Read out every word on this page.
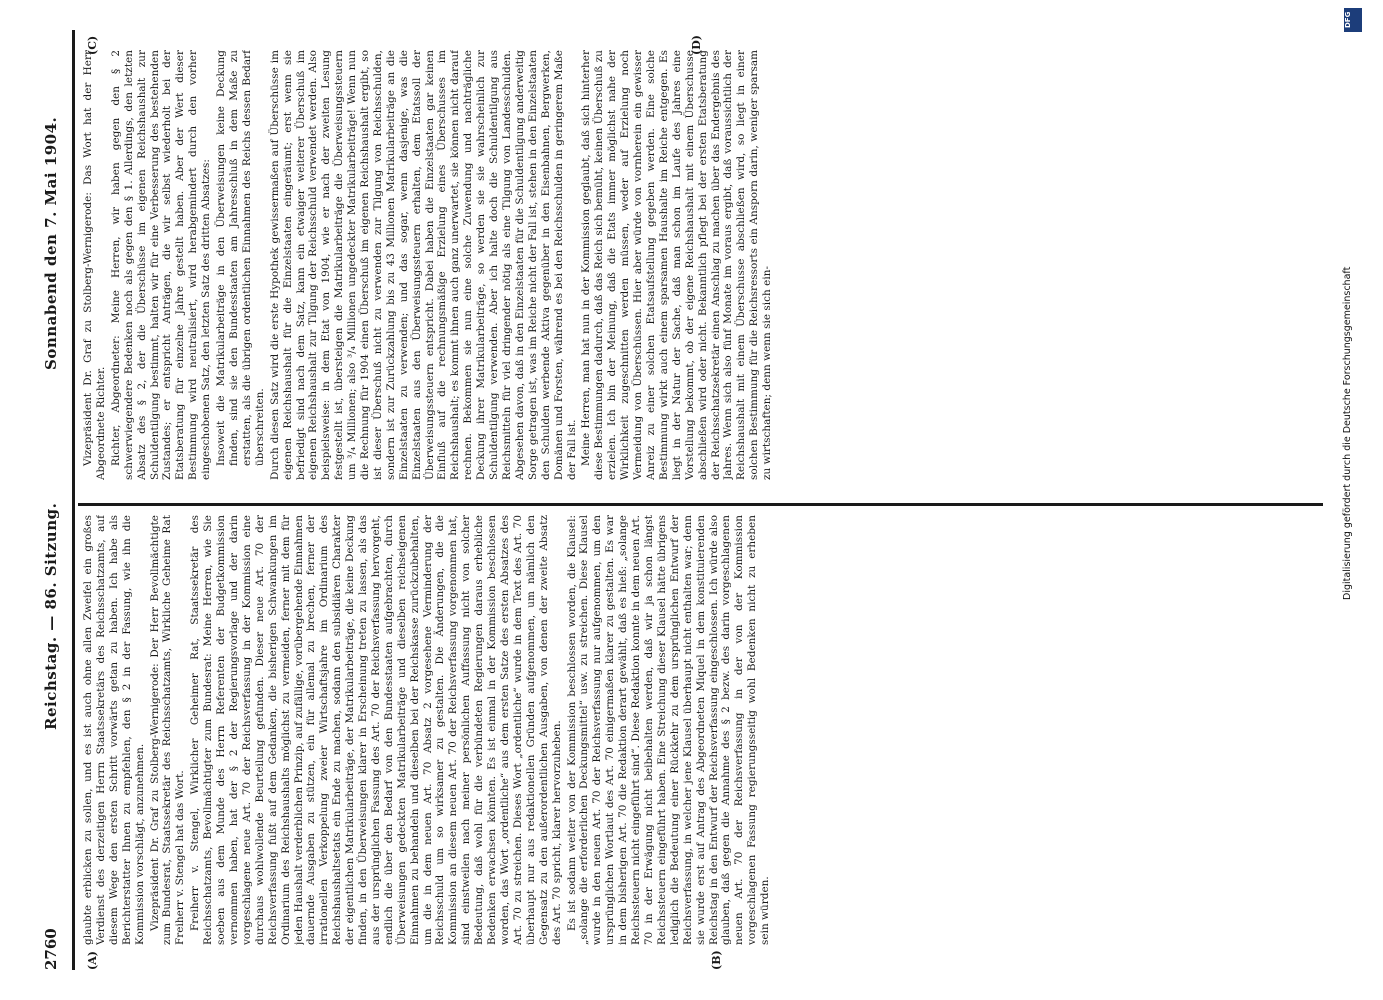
2760
Reichstag. — 86. Sitzung.
Sonnabend den 7. Mai 1904.
(A)	(B)
(C)	(D)

glaubte erblicken zu sollen, und es ist auch ohne allen Zweifel ein großes Verdienst des derzeitigen Herrn Staatssekretärs des Reichsschatzamts, auf diesem Wege den ersten Schritt vorwärts getan zu haben. Ich habe als Berichterstatter Ihnen zu empfehlen, den § 2 in der Fassung, wie ihn die Kommission vorschlägt, anzunehmen. Vizepräsident Dr. Graf zu Stolberg-Wernigerode: Der Herr Bevollmächtigte zum Bundesrat, Staatssekretär des Reichsschatzamts, Wirkliche Geheime Rat Freiherr v. Stengel hat das Wort. Freiherr v. Stengel, Wirklicher Geheimer Rat, Staatssekretär des Reichsschatzamts, Bevollmächtigter zum Bundesrat: Meine Herren, wie Sie soeben aus dem Munde des Herrn Referenten der Budgetkommission vernommen haben, hat der § 2 der Regierungsvorlage und der darin vorgeschlagene neue Art. 70 der Reichsverfassung in der Kommission eine durchaus wohlwollende Beurteilung gefunden. Dieser neue Art. 70 der Reichsverfassung fußt auf dem Gedanken, die bisherigen Schwankungen im Ordinarium des Reichshaushalts möglichst zu vermeiden, ferner mit dem für jeden Haushalt verderblichen Prinzip, auf zufällige, vorübergehende Einnahmen dauernde Ausgaben zu stützen, ein für allemal zu brechen, ferner der irrationellen Verkoppelung zweier Wirtschaftsjahre im Ordinarium des Reichshaushaltsetats ein Ende zu machen, sodann den subsidiären Charakter der eigentlichen Matrikularbeiträge, der Matrikularbeiträge, die keine Deckung finden, in den Überweisungen klarer in Erscheinung treten zu lassen, als das aus der ursprünglichen Fassung des Art. 70 der Reichsverfassung hervorgeht, endlich die über den Bedarf von den Bundesstaaten aufgebrachten, durch Überweisungen gedeckten Matrikularbeiträge und dieselben reichseigenen Einnahmen zu behandeln und dieselben bei der Reichskasse zurückzubehalten, um die in dem neuen Art. 70 Absatz 2 vorgesehene Verminderung der Reichsschuld um so wirksamer zu gestalten. Die Änderungen, die die Kommission an diesem neuen Art. 70 der Reichsverfassung vorgenommen hat, sind einstweilen nach meiner persönlichen Auffassung nicht von solcher Bedeutung, daß wohl für die verbündeten Regierungen daraus erhebliche Bedenken erwachsen könnten. Es ist einmal in der Kommission beschlossen worden, das Wort „ordentliche“ aus dem ersten Satze des ersten Absatzes des Art. 70 zu streichen. Dieses Wort „ordentliche“ wurde in dem Text des Art. 70 überhaupt nur aus redaktionellen Gründen aufgenommen, um nämlich den Gegensatz zu den außerordentlichen Ausgaben, von denen der zweite Absatz des Art. 70 spricht, klarer hervorzuheben. Es ist sodann weiter von der Kommission beschlossen worden, die Klausel: „solange die erforderlichen Deckungsmittel“ usw. zu streichen. Diese Klausel wurde in den neuen Art. 70 der Reichsverfassung nur aufgenommen, um den ursprünglichen Wortlaut des Art. 70 einigermaßen klarer zu gestalten. Es war in dem bisherigen Art. 70 die Redaktion derart gewählt, daß es hieß: „solange Reichssteuern nicht eingeführt sind“. Diese Redaktion konnte in dem neuen Art. 70 in der Erwägung nicht beibehalten werden, daß wir ja schon längst Reichssteuern eingeführt haben. Eine Streichung dieser Klausel hätte übrigens lediglich die Bedeutung einer Rückkehr zu dem ursprünglichen Entwurf der Reichsverfassung, in welcher jene Klausel überhaupt nicht enthalten war; denn sie wurde erst auf Antrag des Abgeordneten Miquel in dem konstituierenden Reichstag in den Entwurf der Reichsverfassung eingeschlossen. Ich würde also glauben, daß gegen die Annahme des § 2 bezw. des darin vorgeschlagenen neuen Art. 70 der Reichsverfassung in der von der Kommission vorgeschlagenen Fassung regierungsseitig wohl Bedenken nicht zu erheben sein würden.

Vizepräsident Dr. Graf zu Stolberg-Wernigerode: Das Wort hat der Herr Abgeordnete Richter. Richter, Abgeordneter: Meine Herren, wir haben gegen den § 2 schwerwiegendere Bedenken noch als gegen den § 1. Allerdings, den letzten Absatz des § 2, der die Überschüsse im eigenen Reichshaushalt zur Schuldentilgung bestimmt, halten wir für eine Verbesserung des bestehenden Zustandes; er entspricht Anträgen, die wir selbst wiederholt bei der Etatsberatung für einzelne Jahre gestellt haben. Aber der Wert dieser Bestimmung wird neutralisiert, wird herabgemindert durch den vorher eingeschobenen Satz, den letzten Satz des dritten Absatzes: Insoweit die Matrikularbeiträge in den Überweisungen keine Deckung finden, sind sie den Bundesstaaten am Jahresschluß in dem Maße zu erstatten, als die übrigen ordentlichen Einnahmen des Reichs dessen Bedarf überschreiten. Durch diesen Satz wird die erste Hypothek gewissermaßen auf Überschüsse im eigenen Reichshaushalt für die Einzelstaaten eingeräumt; erst wenn sie befriedigt sind nach dem Satz, kann ein etwaiger weiterer Überschuß im eigenen Reichshaushalt zur Tilgung der Reichsschuld verwendet werden. Also beispielsweise: in dem Etat von 1904, wie er nach der zweiten Lesung festgestellt ist, übersteigen die Matrikularbeiträge die Überweisungssteuern um ³/₄ Millionen; also ³/₄ Millionen ungedeckter Matrikularbeiträge! Wenn nun die Rechnung für 1904 einen Überschuß im eigenen Reichshaushalt ergibt, so ist dieser Überschuß nicht zu verwenden zur Tilgung von Reichsschulden, sondern ist zur Zurückzahlung bis zu 43 Millionen Matrikularbeiträge an die Einzelstaaten zu verwenden; und das sogar, wenn dasjenige, was die Einzelstaaten aus den Überweisungssteuern erhalten, dem Etatssoll der Überweisungssteuern entspricht. Dabei haben die Einzelstaaten gar keinen Einfluß auf die rechnungsmäßige Erzielung eines Überschusses im Reichshaushalt; es kommt ihnen auch ganz unerwartet, sie können nicht darauf rechnen. Bekommen sie nun eine solche Zuwendung und nachträgliche Deckung ihrer Matrikularbeiträge, so werden sie sie wahrscheinlich zur Schuldentilgung verwenden. Aber ich halte doch die Schuldentilgung aus Reichsmitteln für viel dringender nötig als eine Tilgung von Landesschulden. Abgesehen davon, daß in den Einzelstaaten für die Schuldentilgung anderweitig Sorge getragen ist, was im Reiche nicht der Fall ist, stehen in den Einzelstaaten den Schulden werbende Aktiva gegenüber in den Eisenbahnen, Bergwerken, Domänen und Forsten, während es bei den Reichsschulden in geringerem Maße der Fall ist. Meine Herren, man hat nun in der Kommission geglaubt, daß sich hinterher diese Bestimmungen dadurch, daß das Reich sich bemüht, keinen Überschuß zu erzielen. Ich bin der Meinung, daß die Etats immer möglichst nahe der Wirklichkeit zugeschnitten werden müssen, weder auf Erzielung noch Vermeidung von Überschüssen. Hier aber würde von vornherein ein gewisser Anreiz zu einer solchen Etatsaufstellung gegeben werden. Eine solche Bestimmung wirkt auch einem sparsamen Haushalte im Reiche entgegen. Es liegt in der Natur der Sache, daß man schon im Laufe des Jahres eine Vorstellung bekommt, ob der eigene Reichshaushalt mit einem Überschusse abschließen wird oder nicht. Bekanntlich pflegt bei der ersten Etatsberatung der Reichsschatzsekretär einen Anschlag zu machen über das Endergebnis des Jahres. Wenn sich also fünf Monate im voraus ergibt, daß voraussichtlich der Reichshaushalt mit einem Überschusse abschließen wird, so liegt in einer solchen Bestimmung für die Reichsressorts ein Ansporn darin, weniger sparsam zu wirtschaften; denn wenn sie sich ein-

DFG
Digitalisierung gefördert durch die Deutsche Forschungsgemeinschaft
